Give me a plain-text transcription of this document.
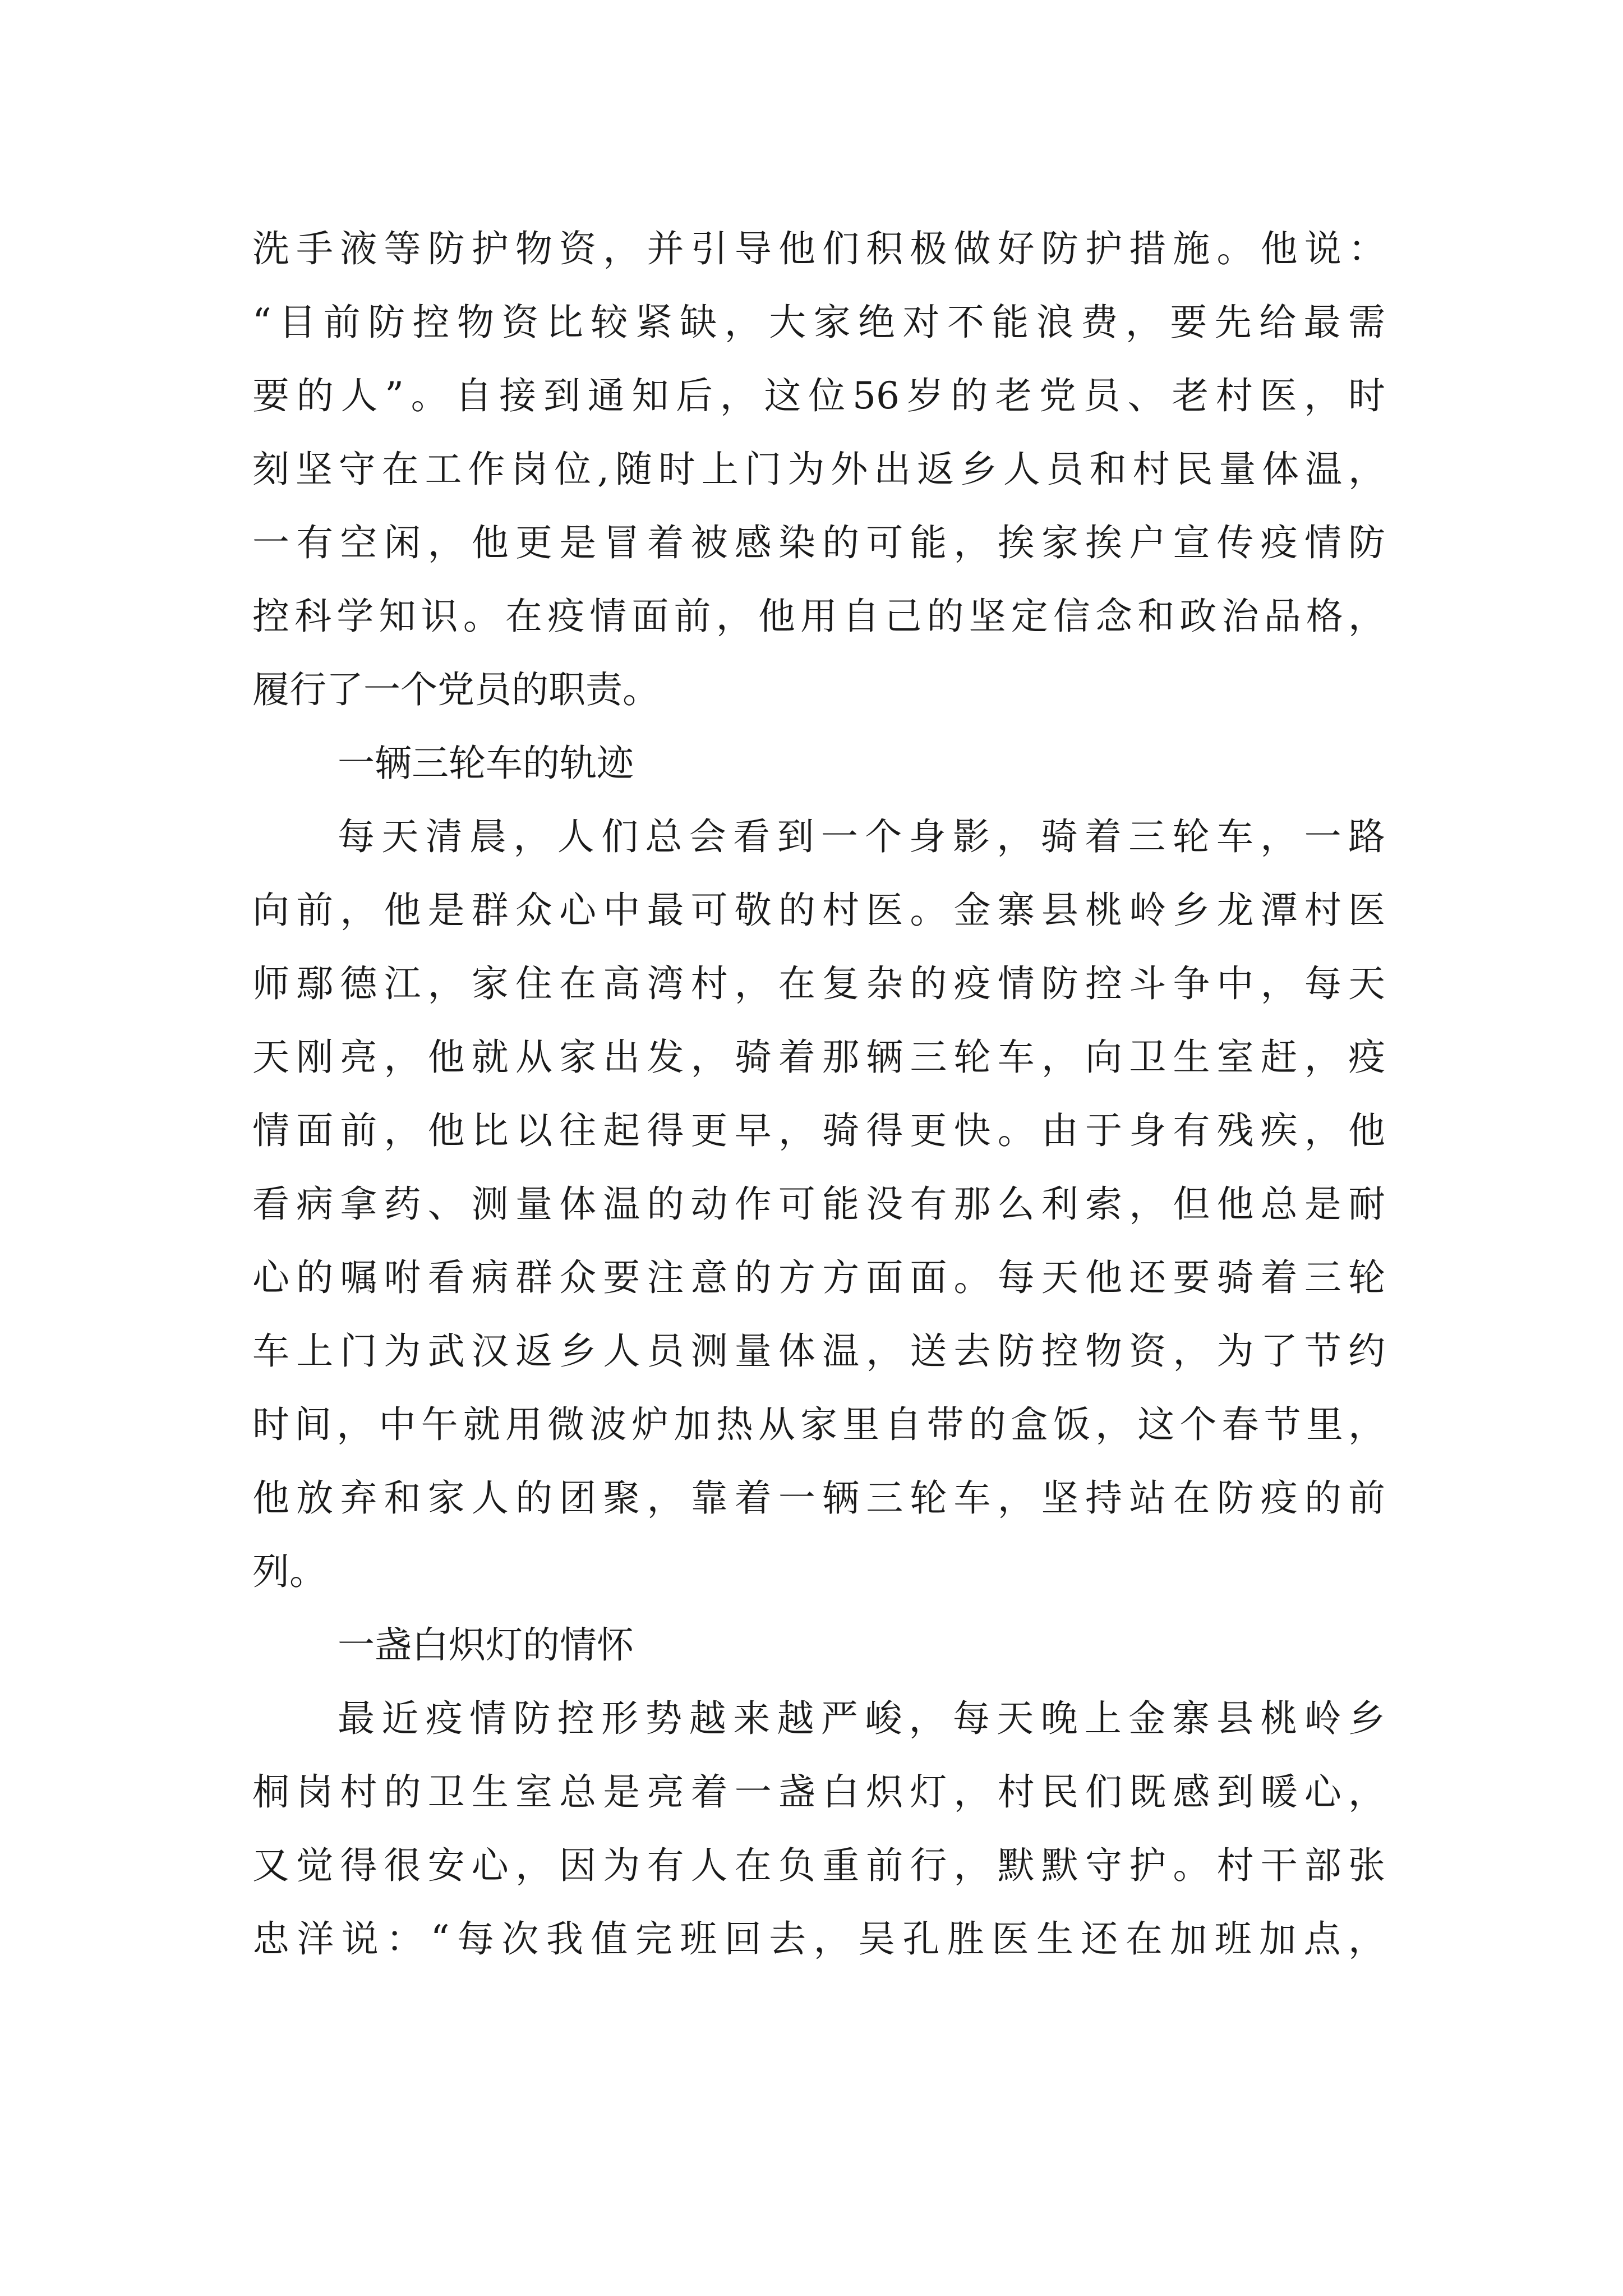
洗手液等防护物资，并引导他们积极做好防护措施。他说：
“目前防控物资比较紧缺，大家绝对不能浪费，要先给最需
要的人”。自接到通知后，这位56岁的老党员、老村医，时
刻坚守在工作岗位,随时上门为外出返乡人员和村民量体温，
一有空闲，他更是冒着被感染的可能，挨家挨户宣传疫情防
控科学知识。在疫情面前，他用自己的坚定信念和政治品格，
履行了一个党员的职责。
一辆三轮车的轨迹
每天清晨，人们总会看到一个身影，骑着三轮车，一路
向前，他是群众心中最可敬的村医。金寨县桃岭乡龙潭村医
师鄢德江，家住在高湾村，在复杂的疫情防控斗争中，每天
天刚亮，他就从家出发，骑着那辆三轮车，向卫生室赶，疫
情面前，他比以往起得更早，骑得更快。由于身有残疾，他
看病拿药、测量体温的动作可能没有那么利索，但他总是耐
心的嘱咐看病群众要注意的方方面面。每天他还要骑着三轮
车上门为武汉返乡人员测量体温，送去防控物资，为了节约
时间，中午就用微波炉加热从家里自带的盒饭，这个春节里，
他放弃和家人的团聚，靠着一辆三轮车，坚持站在防疫的前
列。
一盏白炽灯的情怀
最近疫情防控形势越来越严峻，每天晚上金寨县桃岭乡
桐岗村的卫生室总是亮着一盏白炽灯，村民们既感到暖心，
又觉得很安心，因为有人在负重前行，默默守护。村干部张
忠洋说：“每次我值完班回去，吴孔胜医生还在加班加点，
